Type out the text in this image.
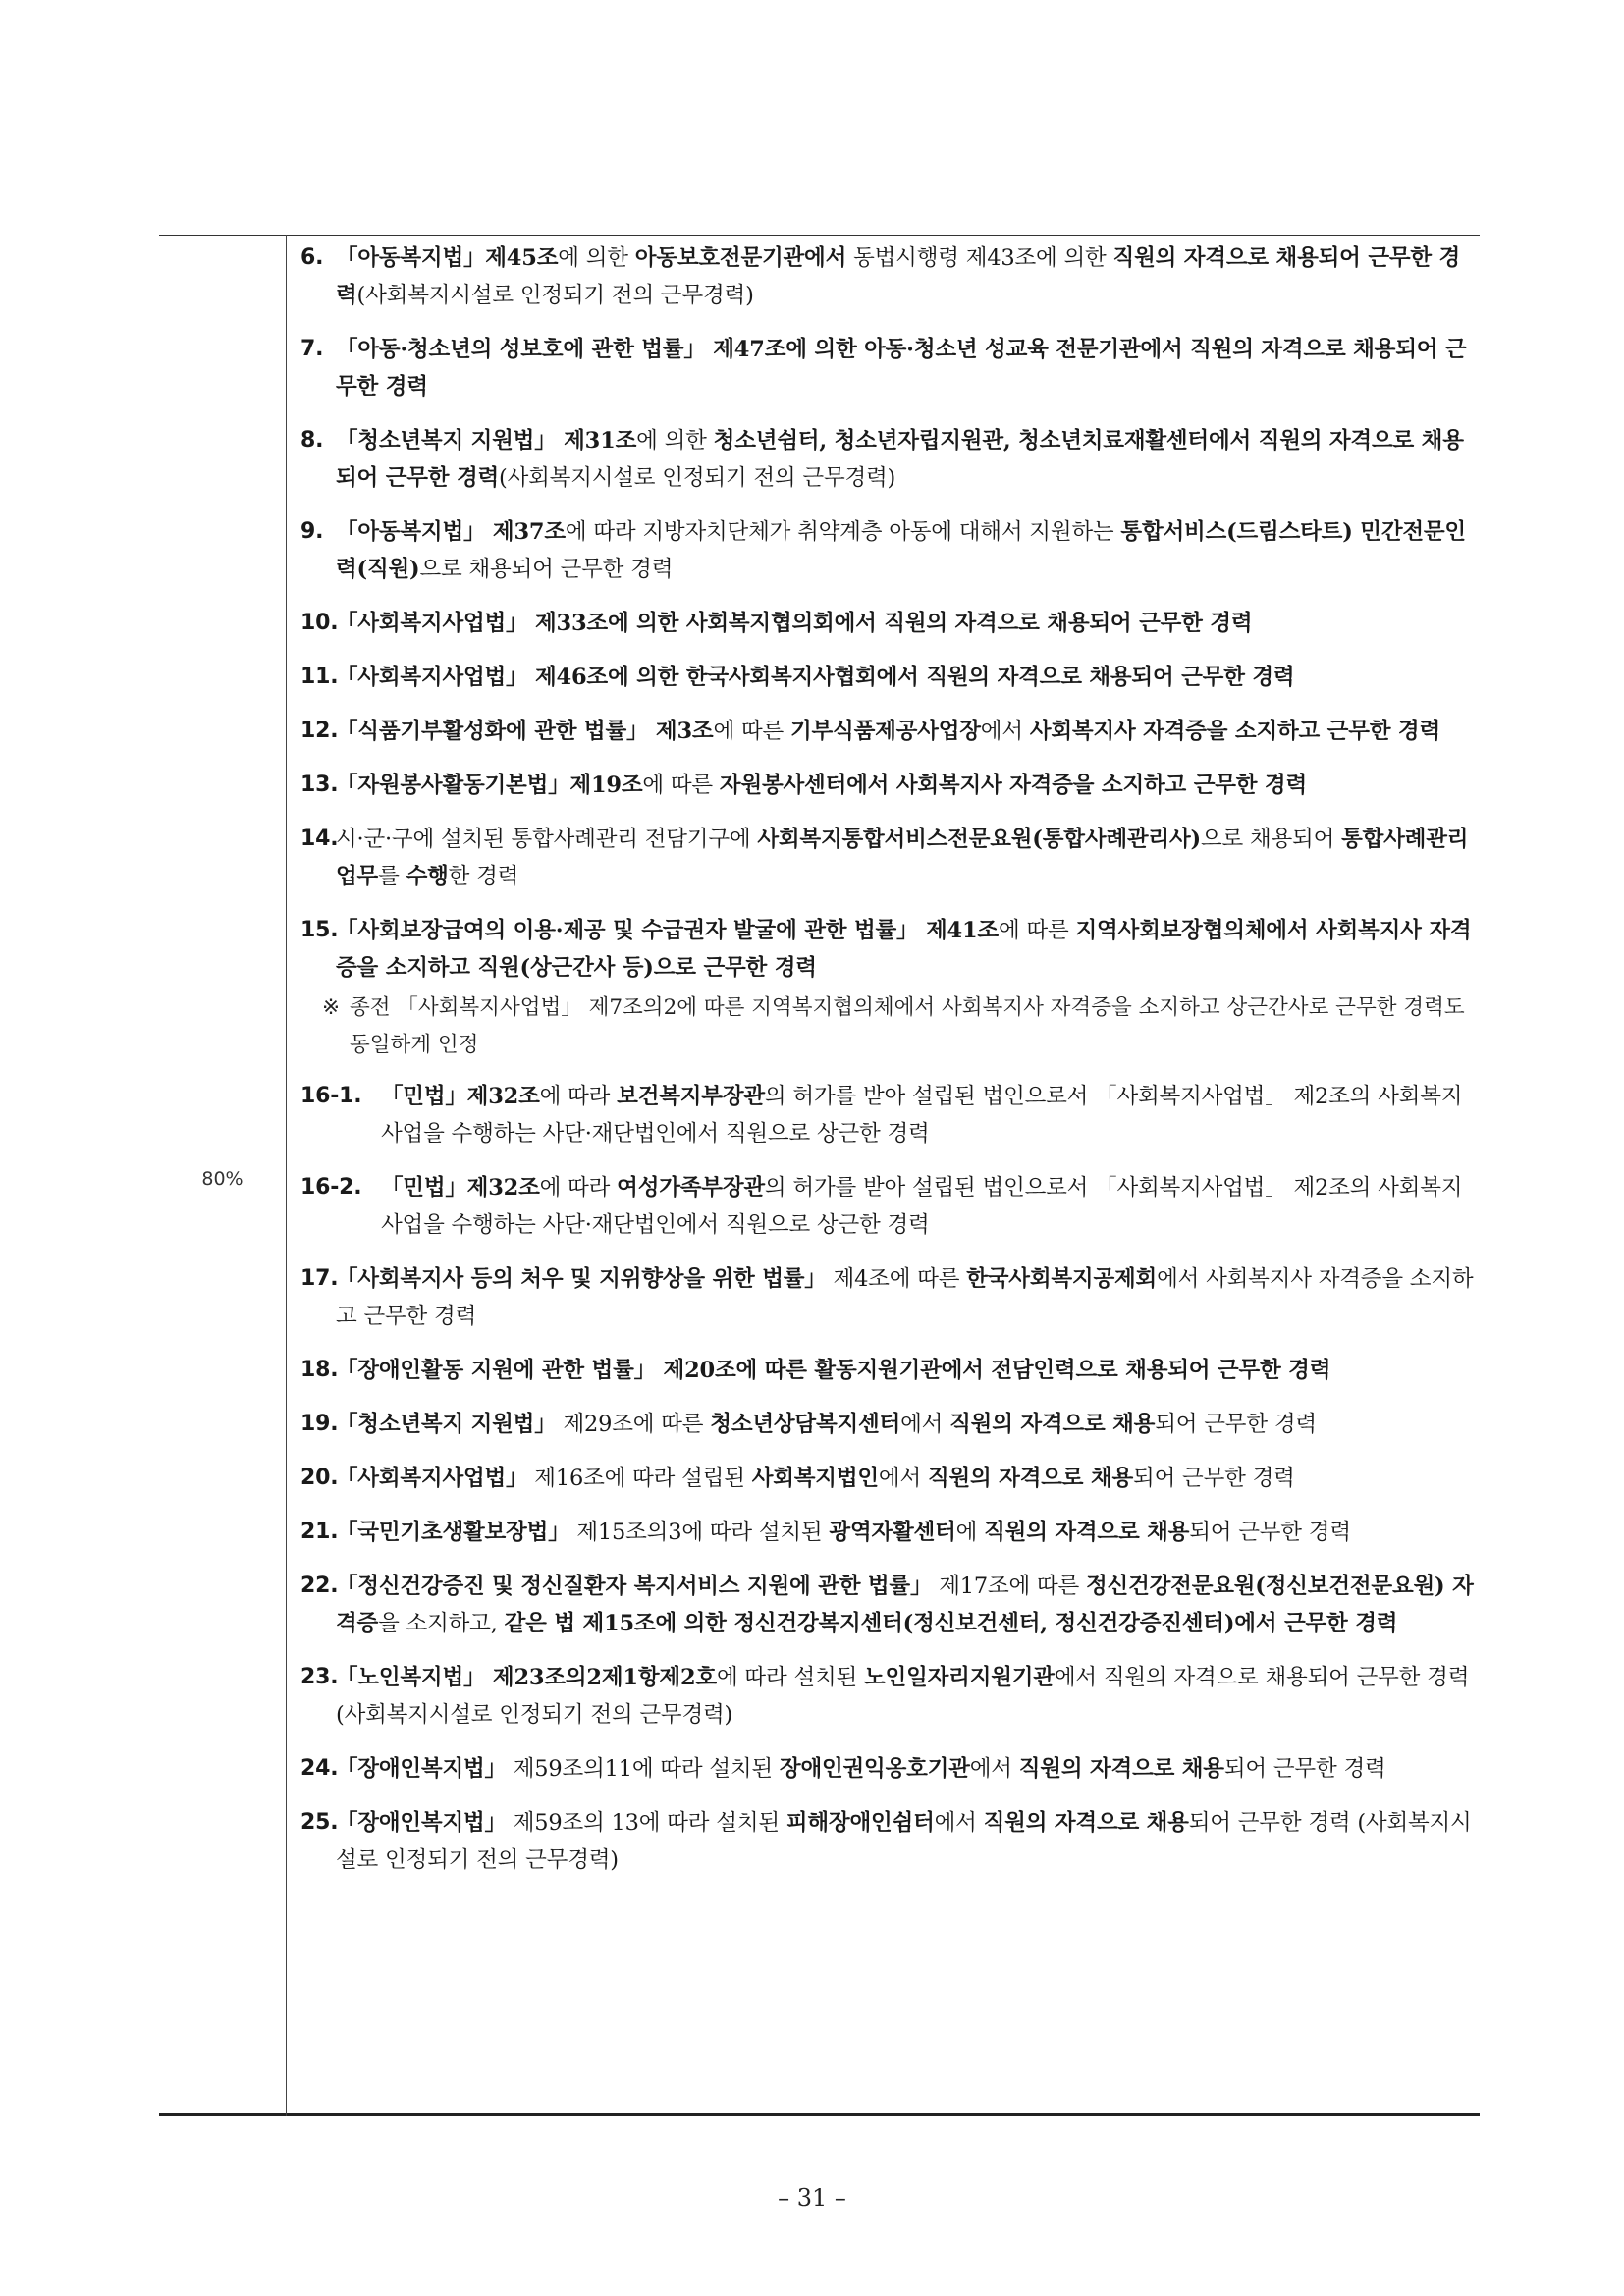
80%
6. 「아동복지법」제45조에 의한 아동보호전문기관에서 동법시행령 제43조에 의한 직원의 자격으로 채용되어 근무한 경력(사회복지시설로 인정되기 전의 근무경력)
7. 「아동·청소년의 성보호에 관한 법률」 제47조에 의한 아동·청소년 성교육 전문기관에서 직원의 자격으로 채용되어 근무한 경력
8. 「청소년복지 지원법」 제31조에 의한 청소년쉼터, 청소년자립지원관, 청소년치료재활센터에서 직원의 자격으로 채용되어 근무한 경력(사회복지시설로 인정되기 전의 근무경력)
9. 「아동복지법」 제37조에 따라 지방자치단체가 취약계층 아동에 대해서 지원하는 통합서비스(드림스타트) 민간전문인력(직원)으로 채용되어 근무한 경력
10.
「사회복지사업법」 제33조에 의한 사회복지협의회에서 직원의 자격으로 채용되어 근무한 경력
11.
「사회복지사업법」 제46조에 의한 한국사회복지사협회에서 직원의 자격으로 채용되어 근무한 경력
12.
「식품기부활성화에 관한 법률」 제3조에 따른 기부식품제공사업장에서 사회복지사 자격증을 소지하고 근무한 경력
13.
「자원봉사활동기본법」제19조에 따른 자원봉사센터에서 사회복지사 자격증을 소지하고 근무한 경력
14.
시·군·구에 설치된 통합사례관리 전담기구에 사회복지통합서비스전문요원(통합사례관리사)으로 채용되어 통합사례관리업무를 수행한 경력
15.
「사회보장급여의 이용·제공 및 수급권자 발굴에 관한 법률」 제41조에 따른 지역사회보장협의체에서 사회복지사 자격증을 소지하고 직원(상근간사 등)으로 근무한 경력
※ 종전 「사회복지사업법」 제7조의2에 따른 지역복지협의체에서 사회복지사 자격증을 소지하고 상근간사로 근무한 경력도 동일하게 인정
16-1. 「민법」제32조에 따라 보건복지부장관의 허가를 받아 설립된 법인으로서 「사회복지사업법」 제2조의 사회복지사업을 수행하는 사단·재단법인에서 직원으로 상근한 경력
16-2. 「민법」제32조에 따라 여성가족부장관의 허가를 받아 설립된 법인으로서 「사회복지사업법」 제2조의 사회복지사업을 수행하는 사단·재단법인에서 직원으로 상근한 경력
17.
「사회복지사 등의 처우 및 지위향상을 위한 법률」 제4조에 따른 한국사회복지공제회에서 사회복지사 자격증을 소지하고 근무한 경력
18.
「장애인활동 지원에 관한 법률」 제20조에 따른 활동지원기관에서 전담인력으로 채용되어 근무한 경력
19.
「청소년복지 지원법」 제29조에 따른 청소년상담복지센터에서 직원의 자격으로 채용되어 근무한 경력
20.
「사회복지사업법」 제16조에 따라 설립된 사회복지법인에서 직원의 자격으로 채용되어 근무한 경력
21.
「국민기초생활보장법」 제15조의3에 따라 설치된 광역자활센터에 직원의 자격으로 채용되어 근무한 경력
22.
「정신건강증진 및 정신질환자 복지서비스 지원에 관한 법률」 제17조에 따른 정신건강전문요원(정신보건전문요원) 자격증을 소지하고, 같은 법 제15조에 의한 정신건강복지센터(정신보건센터, 정신건강증진센터)에서 근무한 경력
23.
「노인복지법」 제23조의2제1항제2호에 따라 설치된 노인일자리지원기관에서 직원의 자격으로 채용되어 근무한 경력(사회복지시설로 인정되기 전의 근무경력)
24.
「장애인복지법」 제59조의11에 따라 설치된 장애인권익옹호기관에서 직원의 자격으로 채용되어 근무한 경력
25.
「장애인복지법」 제59조의 13에 따라 설치된 피해장애인쉼터에서 직원의 자격으로 채용되어 근무한 경력 (사회복지시설로 인정되기 전의 근무경력)
– 31 –
